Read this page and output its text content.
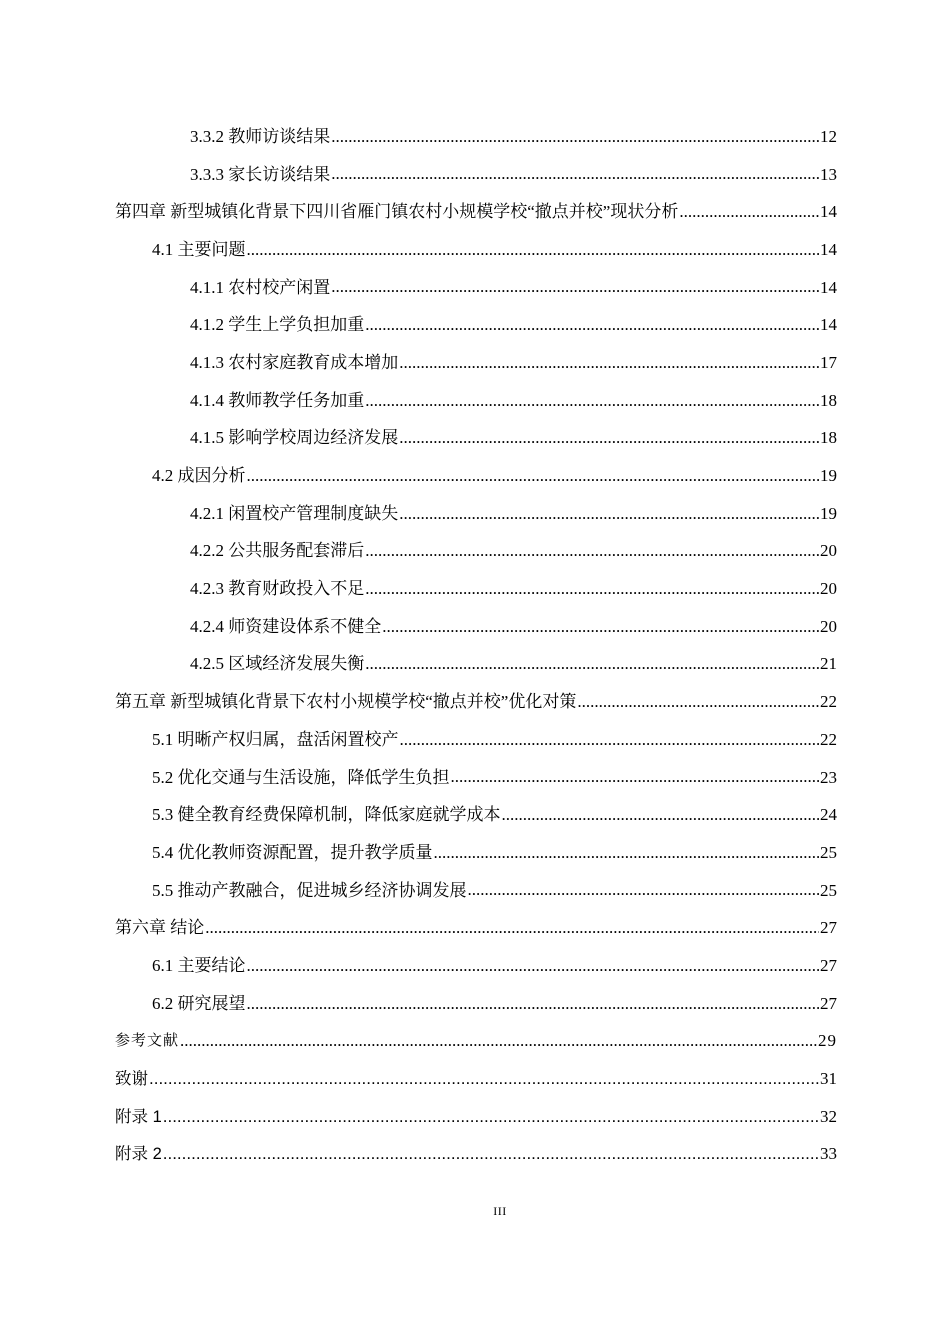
3.3.2 教师访谈结果 .....	12
3.3.3 家长访谈结果 .....	13
第四章 新型城镇化背景下四川省雁门镇农村小规模学校“撤点并校”现状分析 .....	14
4.1 主要问题 .....	14
4.1.1 农村校产闲置 .....	14
4.1.2 学生上学负担加重 .....	14
4.1.3 农村家庭教育成本增加 .....	17
4.1.4 教师教学任务加重 .....	18
4.1.5 影响学校周边经济发展 .....	18
4.2 成因分析 .....	19
4.2.1 闲置校产管理制度缺失 .....	19
4.2.2 公共服务配套滞后 .....	20
4.2.3 教育财政投入不足 .....	20
4.2.4 师资建设体系不健全 .....	20
4.2.5 区域经济发展失衡 .....	21
第五章 新型城镇化背景下农村小规模学校“撤点并校”优化对策 .....	22
5.1 明晰产权归属，盘活闲置校产 .....	22
5.2 优化交通与生活设施，降低学生负担 .....	23
5.3 健全教育经费保障机制，降低家庭就学成本 .....	24
5.4 优化教师资源配置，提升教学质量 .....	25
5.5 推动产教融合，促进城乡经济协调发展 .....	25
第六章 结论 .....	27
6.1 主要结论 .....	27
6.2 研究展望 .....	27
参考文献 .....	29
致谢 .....	31
附录 1 .....	32
附录 2 .....	33
III
